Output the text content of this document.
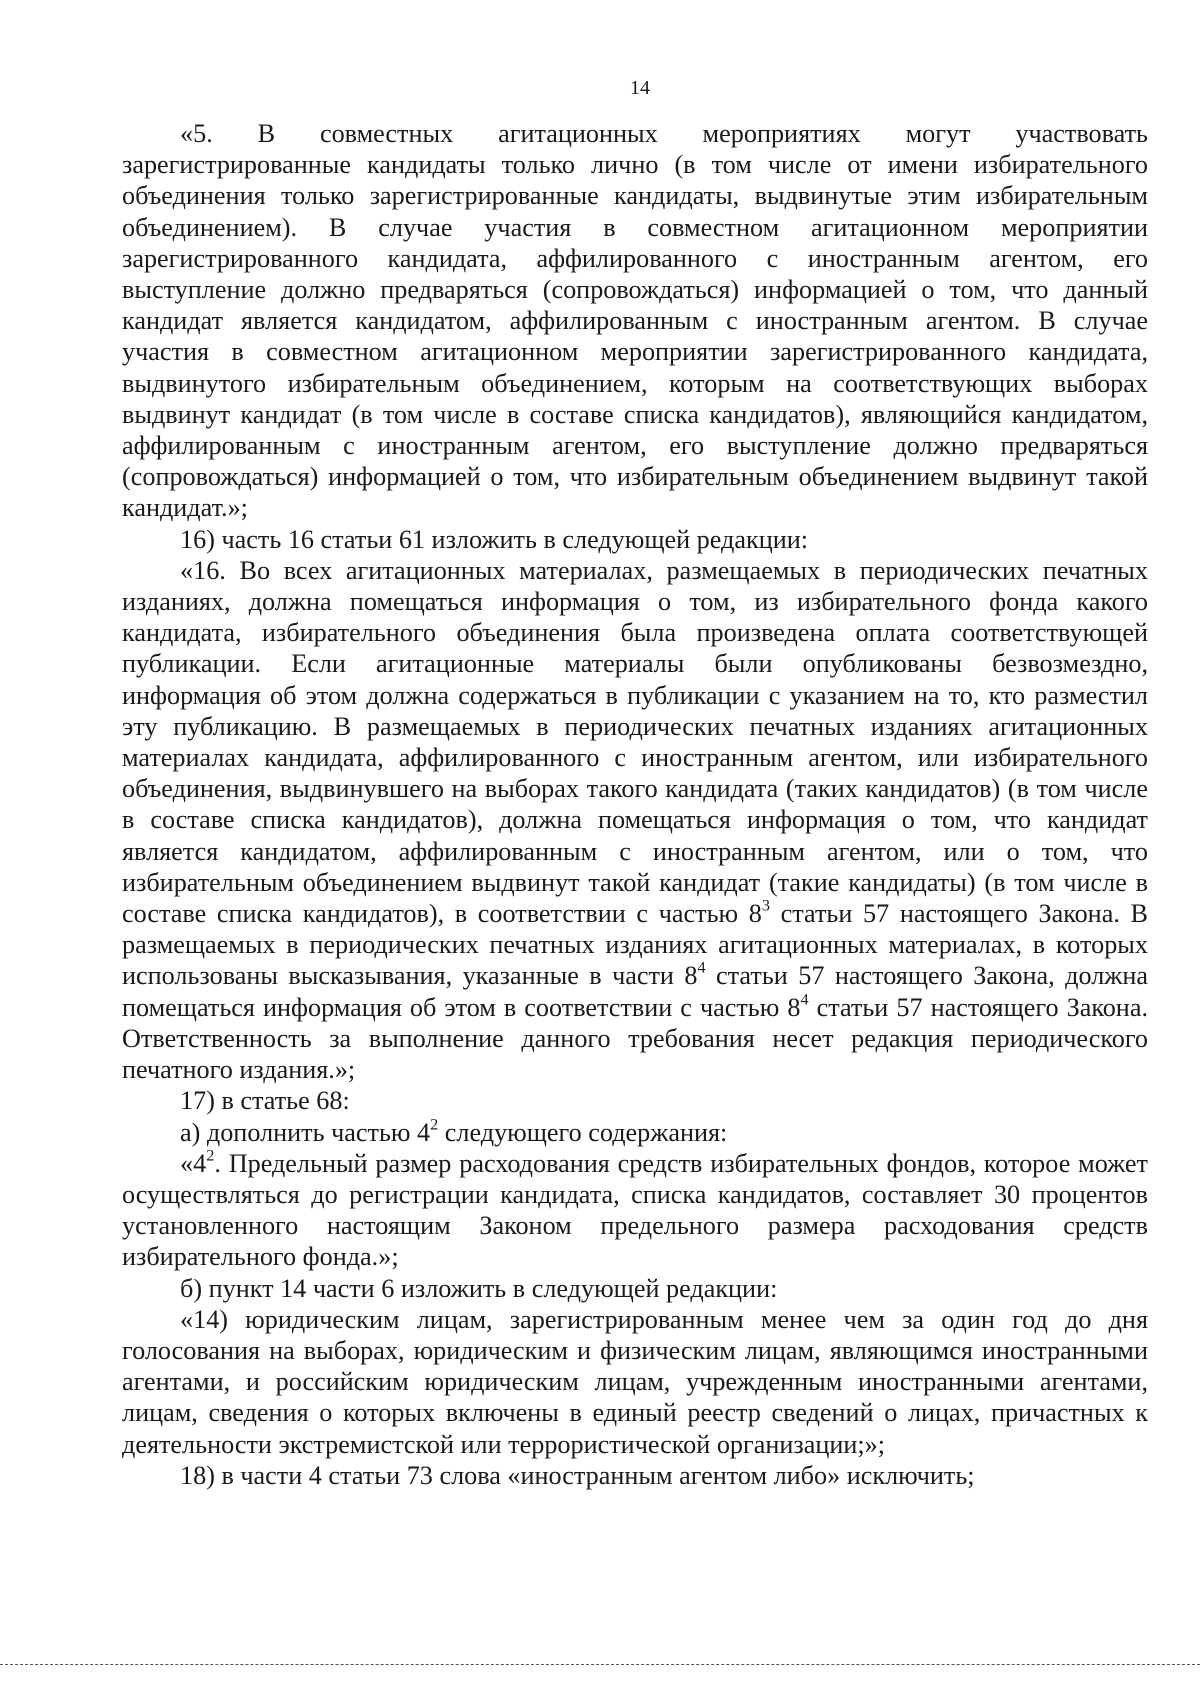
14

«5. В совместных агитационных мероприятиях могут участвовать зарегистрированные кандидаты только лично (в том числе от имени избирательного объединения только зарегистрированные кандидаты, выдвинутые этим избирательным объединением). В случае участия в совместном агитационном мероприятии зарегистрированного кандидата, аффилированного с иностранным агентом, его выступление должно предваряться (сопровождаться) информацией о том, что данный кандидат является кандидатом, аффилированным с иностранным агентом. В случае участия в совместном агитационном мероприятии зарегистрированного кандидата, выдвинутого избирательным объединением, которым на соответствующих выборах выдвинут кандидат (в том числе в составе списка кандидатов), являющийся кандидатом, аффилированным с иностранным агентом, его выступление должно предваряться (сопровождаться) информацией о том, что избирательным объединением выдвинут такой кандидат.»;

16) часть 16 статьи 61 изложить в следующей редакции:

«16. Во всех агитационных материалах, размещаемых в периодических печатных изданиях, должна помещаться информация о том, из избирательного фонда какого кандидата, избирательного объединения была произведена оплата соответствующей публикации. Если агитационные материалы были опубликованы безвозмездно, информация об этом должна содержаться в публикации с указанием на то, кто разместил эту публикацию. В размещаемых в периодических печатных изданиях агитационных материалах кандидата, аффилированного с иностранным агентом, или избирательного объединения, выдвинувшего на выборах такого кандидата (таких кандидатов) (в том числе в составе списка кандидатов), должна помещаться информация о том, что кандидат является кандидатом, аффилированным с иностранным агентом, или о том, что избирательным объединением выдвинут такой кандидат (такие кандидаты) (в том числе в составе списка кандидатов), в соответствии с частью $8^3$ статьи 57 настоящего Закона. В размещаемых в периодических печатных изданиях агитационных материалах, в которых использованы высказывания, указанные в части $8^4$ статьи 57 настоящего Закона, должна помещаться информация об этом в соответствии с частью $8^4$ статьи 57 настоящего Закона. Ответственность за выполнение данного требования несет редакция периодического печатного издания.»;

17) в статье 68:

а) дополнить частью $4^2$ следующего содержания:

«$4^2$. Предельный размер расходования средств избирательных фондов, которое может осуществляться до регистрации кандидата, списка кандидатов, составляет 30 процентов установленного настоящим Законом предельного размера расходования средств избирательного фонда.»;

б) пункт 14 части 6 изложить в следующей редакции:

«14) юридическим лицам, зарегистрированным менее чем за один год до дня голосования на выборах, юридическим и физическим лицам, являющимся иностранными агентами, и российским юридическим лицам, учрежденным иностранными агентами, лицам, сведения о которых включены в единый реестр сведений о лицах, причастных к деятельности экстремистской или террористической организации;»;

18) в части 4 статьи 73 слова «иностранным агентом либо» исключить;
